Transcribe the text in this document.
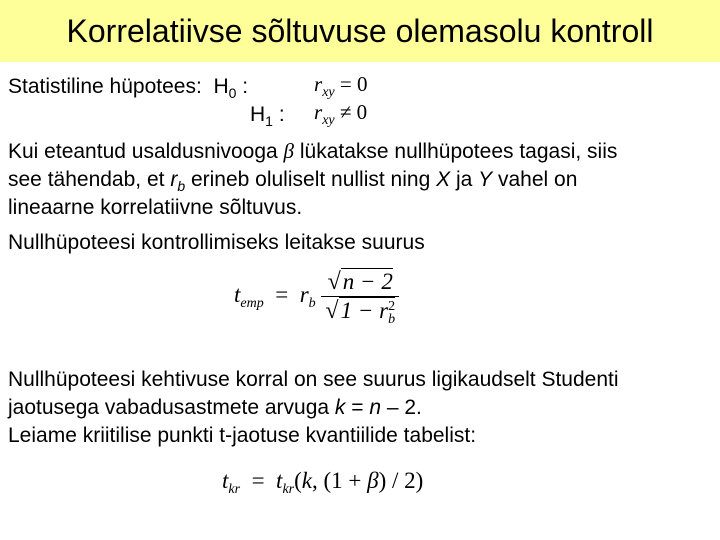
Korrelatiivse sõltuvuse olemasolu kontroll
Statistiline hüpotees: $H_0$ :	$r_{xy} = 0$
$H_1$ : $r_{xy} \ne 0$
Kui eteantud usaldusnivooga β lükatakse nullhüpotees tagasi, siis
see tähendab, et $r_b$ erineb oluliselt nullist ning X ja Y vahel on
lineaarne korrelatiivne sõltuvus.
Nullhüpoteesi kontrollimiseks leitakse suurus
$t_{emp} = r_b \frac{√n - 2}{√1 - r^2_b}$
Nullhüpoteesi kehtivuse korral on see suurus ligikaudselt Studenti
jaotusega vabadusastmete arvuga k = n – 2.
Leiame kriitilise punkti t-jaotuse kvantiilide tabelist:
$t_{kr} = t_{kr}(k$, (1 + β) / 2)
